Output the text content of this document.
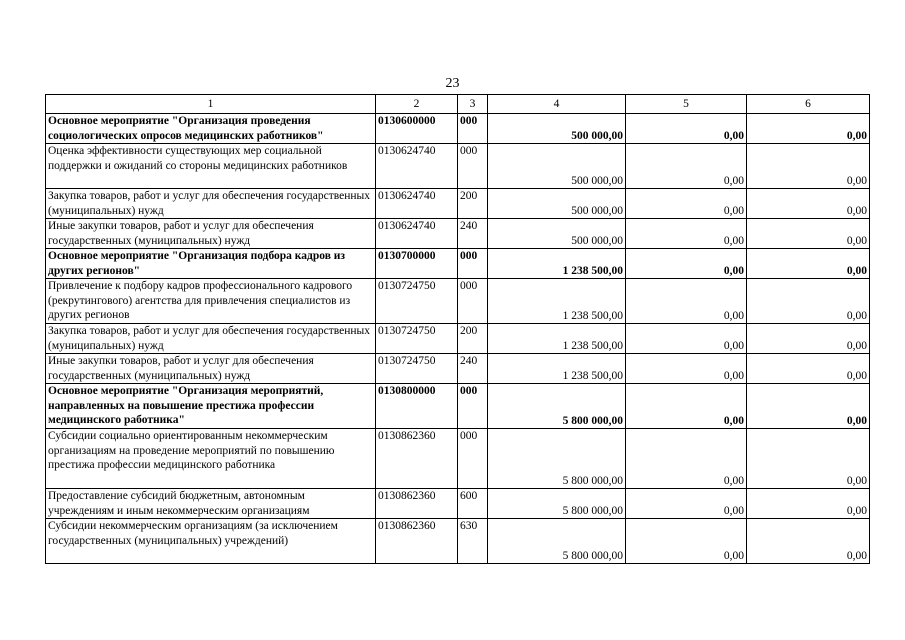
23
1	2	3	4	5	6
Основное мероприятие "Организация проведения социологических опросов медицинских работников"	0130600000	000	500 000,00	0,00	0,00
Оценка эффективности существующих мер социальной поддержки и ожиданий со стороны медицинских работников	0130624740	000	500 000,00	0,00	0,00
Закупка товаров, работ и услуг для обеспечения государственных (муниципальных) нужд	0130624740	200	500 000,00	0,00	0,00
Иные закупки товаров, работ и услуг для обеспечения государственных (муниципальных) нужд	0130624740	240	500 000,00	0,00	0,00
Основное мероприятие "Организация подбора кадров из других регионов"	0130700000	000	1 238 500,00	0,00	0,00
Привлечение к подбору кадров профессионального кадрового (рекрутингового) агентства для привлечения специалистов из других регионов	0130724750	000	1 238 500,00	0,00	0,00
Закупка товаров, работ и услуг для обеспечения государственных (муниципальных) нужд	0130724750	200	1 238 500,00	0,00	0,00
Иные закупки товаров, работ и услуг для обеспечения государственных (муниципальных) нужд	0130724750	240	1 238 500,00	0,00	0,00
Основное мероприятие "Организация мероприятий, направленных на повышение престижа профессии медицинского работника"	0130800000	000	5 800 000,00	0,00	0,00
Субсидии социально ориентированным некоммерческим организациям на проведение мероприятий по повышению престижа профессии медицинского работника	0130862360	000	5 800 000,00	0,00	0,00
Предоставление субсидий бюджетным, автономным учреждениям и иным некоммерческим организациям	0130862360	600	5 800 000,00	0,00	0,00
Субсидии некоммерческим организациям (за исключением государственных (муниципальных) учреждений)	0130862360	630	5 800 000,00	0,00	0,00
